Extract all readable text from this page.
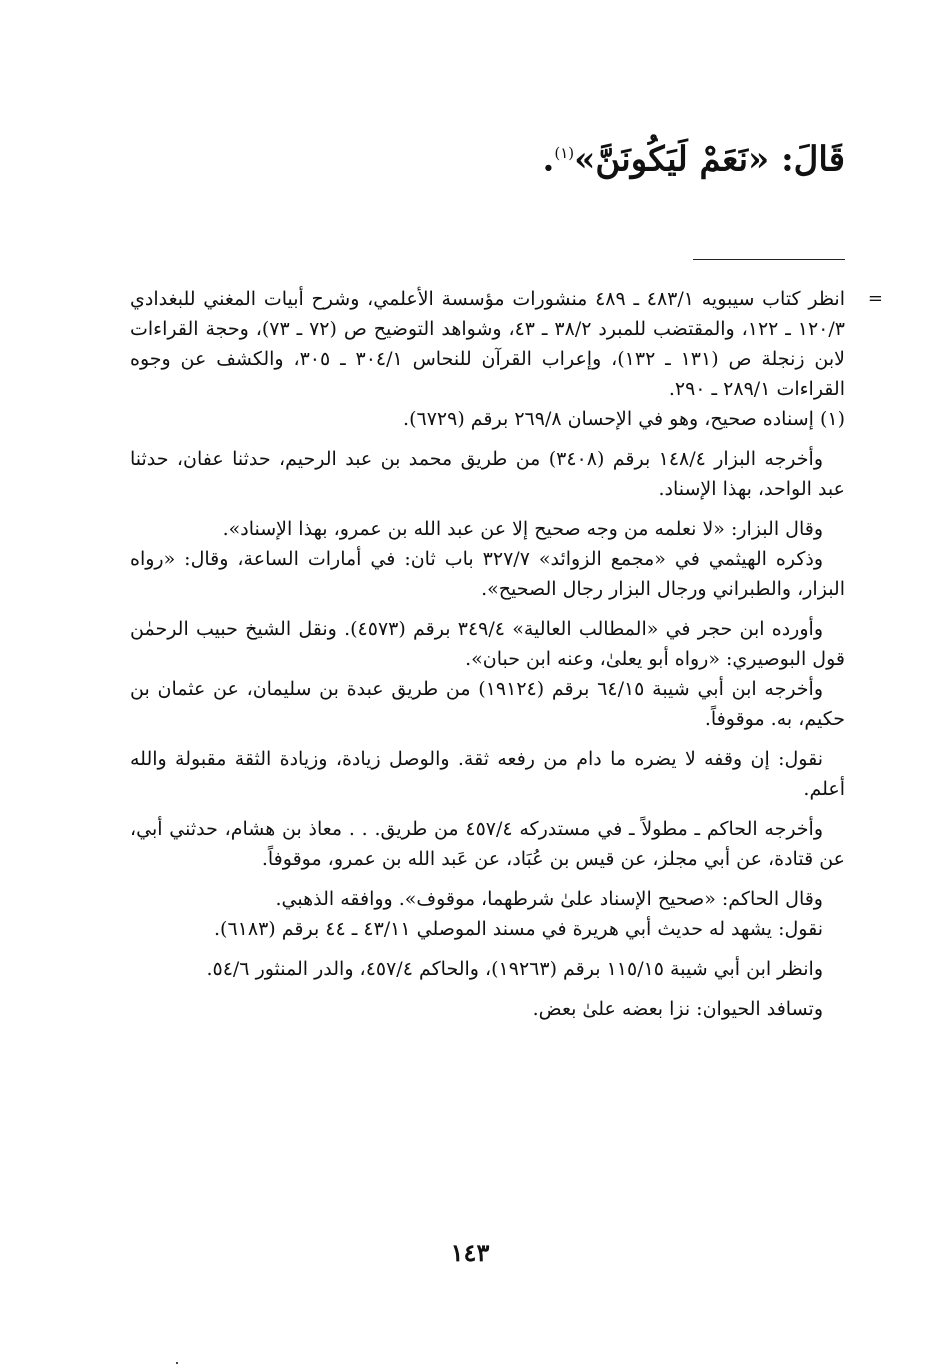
قَالَ: «نَعَمْ لَيَكُونَنَّ»$^{(١)}$.

=
انظر كتاب سيبويه ٤٨٣/١ ـ ٤٨٩ منشورات مؤسسة الأعلمي، وشرح أبيات المغني للبغدادي ١٢٠/٣ ـ ١٢٢، والمقتضب للمبرد ٣٨/٢ ـ ٤٣، وشواهد التوضيح ص (٧٢ ـ ٧٣)، وحجة القراءات لابن زنجلة ص (١٣١ ـ ١٣٢)، وإعراب القرآن للنحاس ٣٠٤/١ ـ ٣٠٥، والكشف عن وجوه القراءات ٢٨٩/١ ـ ٢٩٠.

(١) إسناده صحيح، وهو في الإحسان ٢٦٩/٨ برقم (٦٧٢٩).

وأخرجه البزار ١٤٨/٤ برقم (٣٤٠٨) من طريق محمد بن عبد الرحيم، حدثنا عفان، حدثنا عبد الواحد، بهذا الإسناد.

وقال البزار: «لا نعلمه من وجه صحيح إلا عن عبد الله بن عمرو، بهذا الإسناد».

وذكره الهيثمي في «مجمع الزوائد» ٣٢٧/٧ باب ثان: في أمارات الساعة، وقال: «رواه البزار، والطبراني ورجال البزار رجال الصحيح».

وأورده ابن حجر في «المطالب العالية» ٣٤٩/٤ برقم (٤٥٧٣). ونقل الشيخ حبيب الرحمٰن قول البوصيري: «رواه أبو يعلىٰ، وعنه ابن حبان».

وأخرجه ابن أبي شيبة ٦٤/١٥ برقم (١٩١٢٤) من طريق عبدة بن سليمان، عن عثمان بن حكيم، به. موقوفاً.

نقول: إن وقفه لا يضره ما دام من رفعه ثقة. والوصل زيادة، وزيادة الثقة مقبولة والله أعلم.

وأخرجه الحاكم ـ مطولاً ـ في مستدركه ٤٥٧/٤ من طريق. . . معاذ بن هشام، حدثني أبي، عن قتادة، عن أبي مجلز، عن قيس بن عُبَاد، عن عَبد الله بن عمرو، موقوفاً.

وقال الحاكم: «صحيح الإسناد علىٰ شرطهما، موقوف». ووافقه الذهبي.

نقول: يشهد له حديث أبي هريرة في مسند الموصلي ٤٣/١١ ـ ٤٤ برقم (٦١٨٣).

وانظر ابن أبي شيبة ١١٥/١٥ برقم (١٩٢٦٣)، والحاكم ٤٥٧/٤، والدر المنثور ٥٤/٦.

وتسافد الحيوان: نزا بعضه علىٰ بعض.

١٤٣
